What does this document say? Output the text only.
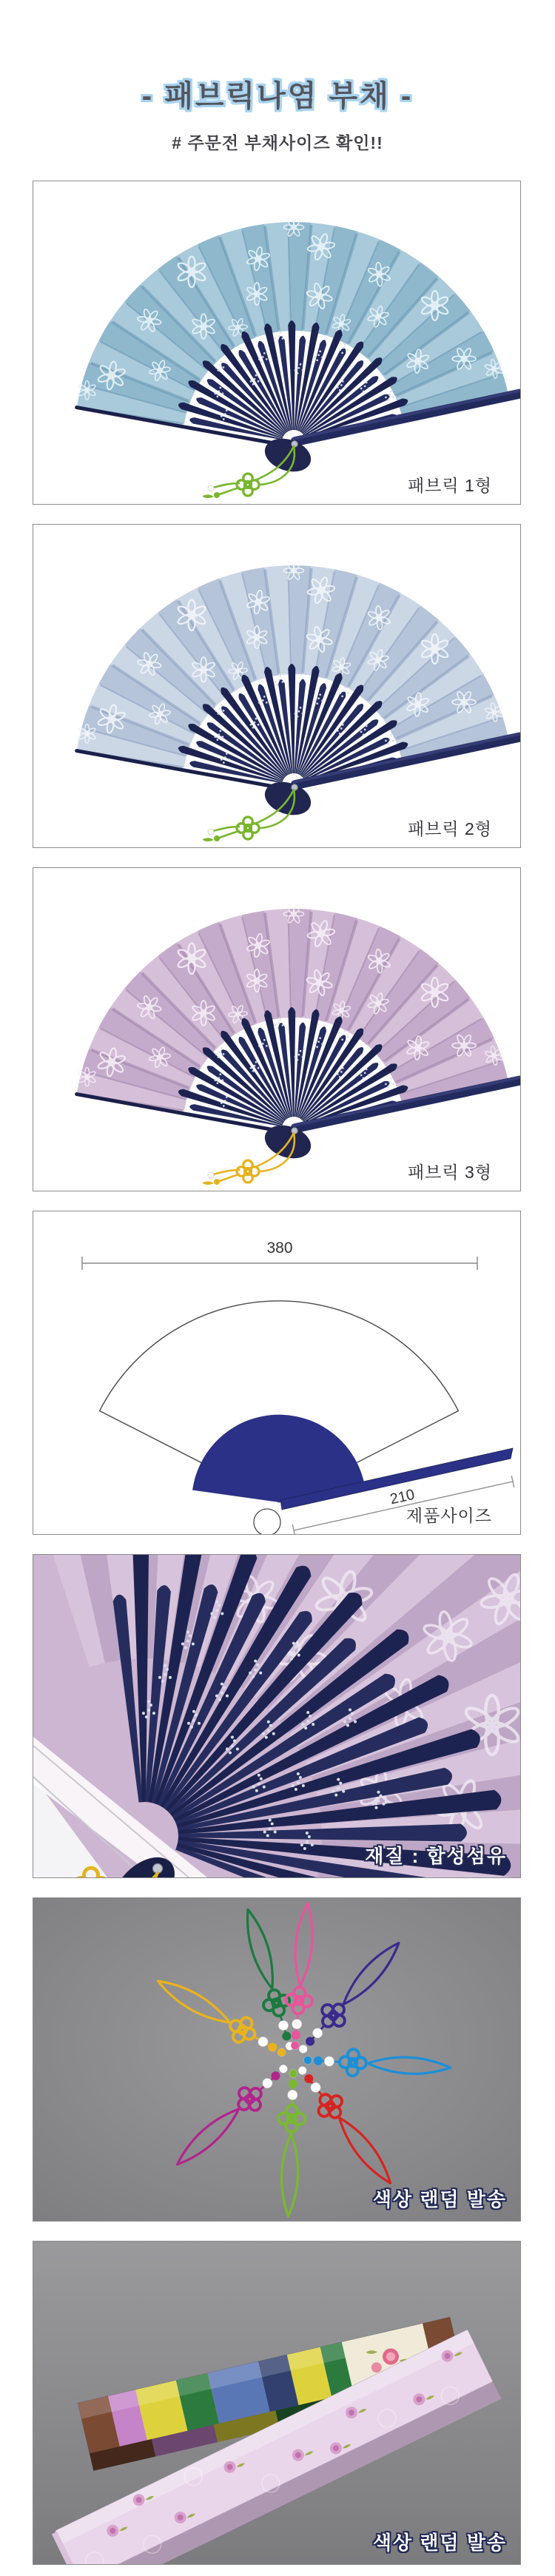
- 패브릭나염 부채 -

# 주문전 부채사이즈 확인!!

패브릭 1형
패브릭 2형
패브릭 3형
380
210
제품사이즈
재질 : 합성섬유
색상 랜덤 발송
색상 랜덤 발송
